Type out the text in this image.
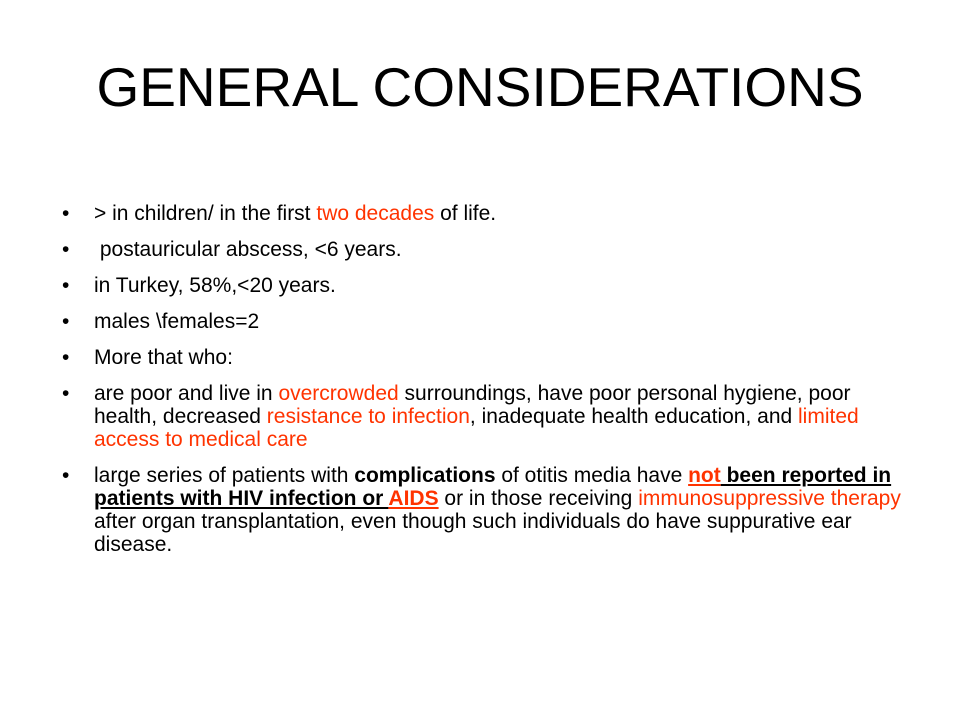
GENERAL CONSIDERATIONS
• > in children/ in the first two decades of life.
• postauricular abscess, <6 years.
• in Turkey, 58%,<20 years.
• males \females=2
• More that who:
• are poor and live in overcrowded surroundings, have poor personal hygiene, poor health, decreased resistance to infection, inadequate health education, and limited access to medical care
• large series of patients with complications of otitis media have not been reported in patients with HIV infection or AIDS or in those receiving immunosuppressive therapy after organ transplantation, even though such individuals do have suppurative ear disease.
